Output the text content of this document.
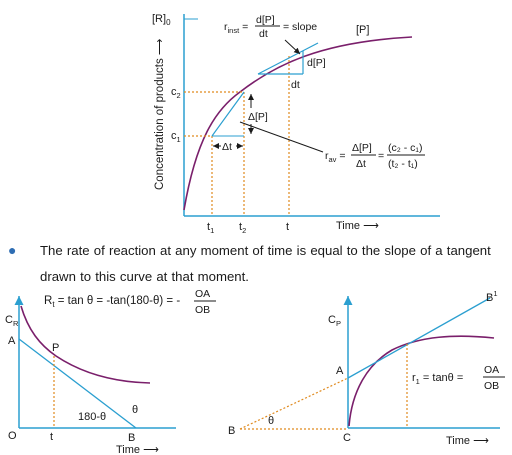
$[R]_0$
Concentration of products ⟶
$c_2$
$c_1$
$t_1$ $t_2$	t	Time ⟶
[P]
d[P]
dt
Δt
Δ[P]
$r_{inst}$ =
d[P]
dt
= slope
$r_{av}$ =
Δ[P]
Δt
=
(c₂ - c₁)
(t₂ - t₁)
$C_R$
A
P
O	t	B
180-θ
θ
Time ⟶
$R_t = \tan \theta = -\tan(180-\theta)$ = -
OA
OB
$C_P$
A
B
C
θ
$B^1$
Time ⟶
$r_1 = \tan\theta$ =
OA
OB
●	The rate of reaction at any moment of time is equal to the slope of a tangent drawn to this curve at that moment.
